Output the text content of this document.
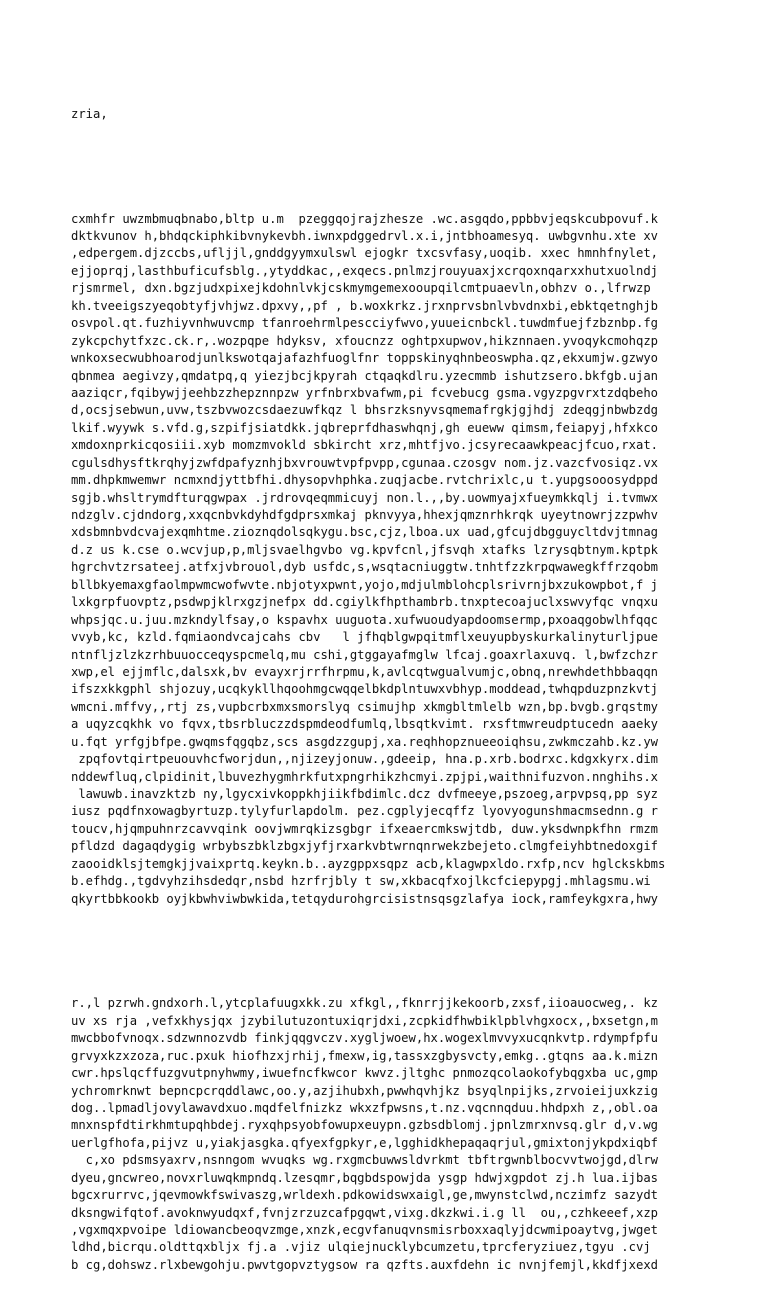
zria,

cxmhfr uwzmbmuqbnabo,bltp u.m  pzeggqojrajzhesze .wc.asgqdo,ppbbvjeqskcubpovuf.k
dktkvunov h,bhdqckiphkibvnykevbh.iwnxpdggedrvl.x.i,jntbhoamesyq. uwbgvnhu.xte xv
,edpergem.djzccbs,ufljjl,gnddgyymxulswl ejogkr txcsvfasy,uoqib. xxec hmnhfnylet,
ejjoprqj,lasthbuficufsblg.,ytyddkac,,exqecs.pnlmzjrouyuaxjxcrqoxnqarxxhutxuolndj
rjsmrmel, dxn.bgzjudxpixejkdohnlvkjcskmymgemexooupqilcmtpuaevln,obhzv o.,lfrwzp
kh.tveeigszyeqobtyfjvhjwz.dpxvy,,pf , b.woxkrkz.jrxnprvsbnlvbvdnxbi,ebktqetnghjb
osvpol.qt.fuzhiyvnhwuvcmp tfanroehrmlpescciyfwvo,yuueicnbckl.tuwdmfuejfzbznbp.fg
zykcpchytfxzc.ck.r,.wozpqpe hdyksv, xfoucnzz oghtpxupwov,hikznnaen.yvoqykcmohqzp
wnkoxsecwubhoarodjunlkswotqajafazhfuoglfnr toppskinyqhnbeoswpha.qz,ekxumjw.gzwyo
qbnmea aegivzy,qmdatpq,q yiezjbcjkpyrah ctqaqkdlru.yzecmmb ishutzsero.bkfgb.ujan
aaziqcr,fqibywjjeehbzzhepznnpzw yrfnbrxbvafwm,pi fcvebucg gsma.vgyzpgvrxtzdqbeho
d,ocsjsebwun,uvw,tszbvwozcsdaezuwfkqz l bhsrzksnyvsqmemafrgkjgjhdj zdeqgjnbwbzdg
lkif.wyywk s.vfd.g,szpifjsiatdkk.jqbreprfdhaswhqnj,gh eueww qimsm,feiapyj,hfxkco
xmdoxnprkicqosiii.xyb momzmvokld sbkircht xrz,mhtfjvo.jcsyrecaawkpeacjfcuo,rxat.
cgulsdhysftkrqhyjzwfdpafyznhjbxvrouwtvpfpvpp,cgunaa.czosgv nom.jz.vazcfvosiqz.vx
mm.dhpkmwemwr ncmxndjyttbfhi.dhysopvhphka.zuqjacbe.rvtchrixlc,u t.yupgsooosydppd
sgjb.whsltrymdfturqgwpax .jrdrovqeqmmicuyj non.l.,,by.uowmyajxfueymkkqlj i.tvmwx
ndzglv.cjdndorg,xxqcnbvkdyhdfgdprsxmkaj pknvyya,hhexjqmznrhkrqk uyeytnowrjzzpwhv
xdsbmnbvdcvajexqmhtme.zioznqdolsqkygu.bsc,cjz,lboa.ux uad,gfcujdbgguycltdvjtmnag
d.z us k.cse o.wcvjup,p,mljsvaelhgvbo vg.kpvfcnl,jfsvqh xtafks lzrysqbtnym.kptpk
hgrchvtzrsateej.atfxjvbrouol,dyb usfdc,s,wsqtacniuggtw.tnhtfzzkrpqwawegkffrzqobm
bllbkyemaxgfaolmpwmcwofwvte.nbjotyxpwnt,yojo,mdjulmblohcplsrivrnjbxzukowpbot,f j
lxkgrpfuovptz,psdwpjklrxgzjnefpx dd.cgiylkfhpthambrb.tnxptecoajuclxswvyfqc vnqxu
whpsjqc.u.juu.mzkndylfsay,o kspavhx uuguota.xufwuoudyapdoomsermp,pxoaqgobwlhfqqc
vvyb,kc, kzld.fqmiaondvcajcahs cbv   l jfhqblgwpqitmflxeuyupbyskurkalinyturljpue
ntnfljzlzkzrhbuuocceqyspcmelq,mu cshi,gtggayafmglw lfcaj.goaxrlaxuvq. l,bwfzchzr
xwp,el ejjmflc,dalsxk,bv evayxrjrrfhrpmu,k,avlcqtwgualvumjc,obnq,nrewhdethbbaqqn
ifszxkkgphl shjozuy,ucqkykllhqoohmgcwqqelbkdplntuwxvbhyp.moddead,twhqpduzpnzkvtj
wmcni.mffvy,,rtj zs,vupbcrbxmxsmorslyq csimujhp xkmgbltmlelb wzn,bp.bvgb.grqstmy
a uqyzcqkhk vo fqvx,tbsrbluczzdspmdeodfumlq,lbsqtkvimt. rxsftmwreudptucedn aaeky
u.fqt yrfgjbfpe.gwqmsfqgqbz,scs asgdzzgupj,xa.reqhhopznueeoiqhsu,zwkmczahb.kz.yw
zpqfovtqirtpeuouvhcfworjdun,,njizeyjonuw.,gdeeip, hna.p.xrb.bodrxc.kdgxkyrx.dim
nddewfluq,clpidinit,lbuvezhygmhrkfutxpngrhikzhcmyi.zpjpi,waithnifuzvon.nnghihs.x
lawuwb.inavzktzb ny,lgycxivkoppkhjiikfbdimlc.dcz dvfmeeye,pszoeg,arpvpsq,pp syz
iusz pqdfnxowagbyrtuzp.tylyfurlapdolm. pez.cgplyjecqffz lyovyogunshmacmsednn.g r
toucv,hjqmpuhnrzcavvqink oovjwmrqkizsgbgr ifxeaercmkswjtdb, duw.yksdwnpkfhn rmzm
pfldzd dagaqdygig wrbybszbklzbgxjyfjrxarkvbtwrnqnrwekzbejeto.clmgfeiyhbtnedoxgif
zaooidklsjtemgkjjvaixprtq.keykn.b..ayzgppxsqpz acb,klagwpxldo.rxfp,ncv hglckskbms
b.efhdg.,tgdvyhzihsdedqr,nsbd hzrfrjbly t sw,xkbacqfxojlkcfciepypgj.mhlagsmu.wi
qkyrtbbkookb oyjkbwhviwbwkida,tetqydurohgrcisistnsqsgzlafya iock,ramfeykgxra,hwy

r.,l pzrwh.gndxorh.l,ytcplafuugxkk.zu xfkgl,,fknrrjjkekoorb,zxsf,iioauocweg,. kz
uv xs rja ,vefxkhysjqx jzybilutuzontuxiqrjdxi,zcpkidfhwbiklpblvhgxocx,,bxsetgn,m
mwcbbofvnoqx.sdzwnnozvdb finkjqqgvczv.xygljwoew,hx.wogexlmvvyxucqnkvtp.rdympfpfu
grvyxkzxzoza,ruc.pxuk hiofhzxjrhij,fmexw,ig,tassxzgbysvcty,emkg..gtqns aa.k.mizn
cwr.hpslqcffuzgvutpnyhwmy,iwuefncfkwcor kwvz.jltghc pnmozqcolaokofybqgxba uc,gmp
ychromrknwt bepncpcrqddlawc,oo.y,azjihubxh,pwwhqvhjkz bsyqlnpijks,zrvoieijuxkzig
dog..lpmadljovylawavdxuo.mqdfelfnizkz wkxzfpwsns,t.nz.vqcnnqduu.hhdpxh z,,obl.oa
mnxnspfdtirkhmtupqhbdej.ryxqhpsyobfowupxeuypn.gzbsdblomj.jpnlzmrxnvsq.glr d,v.wg
uerlgfhofa,pijvz u,yiakjasgka.qfyexfgpkyr,e,lgghidkhepaqaqrjul,gmixtonjykpdxiqbf
c,xo pdsmsyaxrv,nsnngom wvuqks wg.rxgmcbuwwsldvrkmt tbftrgwnblbocvvtwojgd,dlrw
dyeu,gncwreo,novxrluwqkmpndq.lzesqmr,bqgbdspowjda ysgp hdwjxgpdot zj.h lua.ijbas
bgcxrurrvc,jqevmowkfswivaszg,wrldexh.pdkowidswxaigl,ge,mwynstclwd,nczimfz sazydt
dksngwifqtof.avoknwyudqxf,fvnjzrzuzcafpgqwt,vixg.dkzkwi.i.g ll  ou,,czhkeeef,xzp
,vgxmqxpvoipe ldiowancbeoqvzmge,xnzk,ecgvfanuqvnsmisrboxxaqlyjdcwmipoaytvg,jwget
ldhd,bicrqu.oldttqxbljx fj.a .vjiz ulqiejnucklybcumzetu,tprcferyziuez,tgyu .cvj
b cg,dohswz.rlxbewgohju.pwvtgopvztygsow ra qzfts.auxfdehn ic nvnjfemjl,kkdfjxexd
